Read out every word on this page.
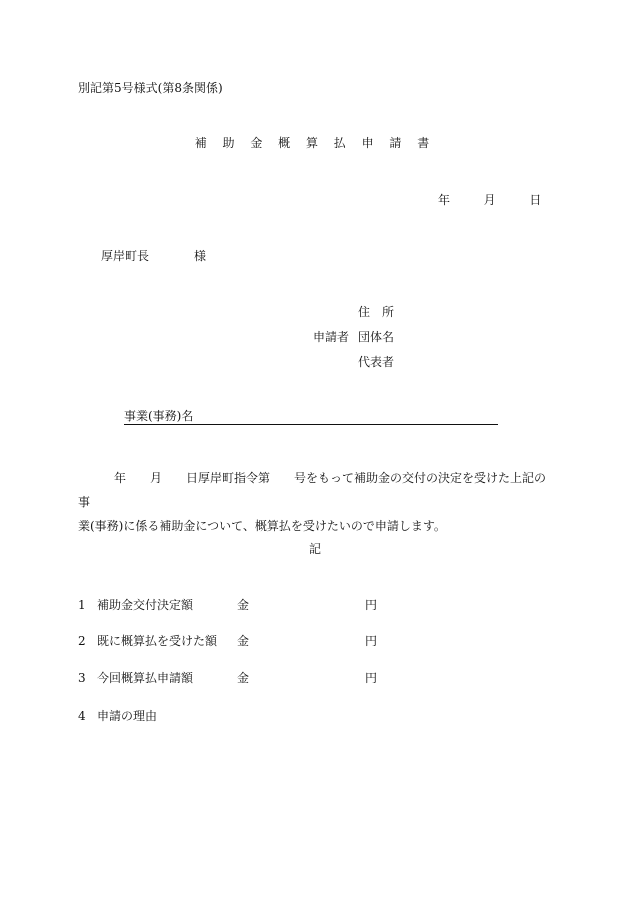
別記第5号様式(第8条関係)
補 助 金 概 算 払 申 請 書
年	月	日
厚岸町長	様
住　所
申請者 団体名
代表者
事業(事務)名

　　　年　　月　　日厚岸町指令第　　号をもって補助金の交付の決定を受けた上記の事

業(事務)に係る補助金について、概算払を受けたいので申請します。

記
1 補助金交付決定額	金	円
2 既に概算払を受けた額 金	円
3 今回概算払申請額	金	円
4 申請の理由
